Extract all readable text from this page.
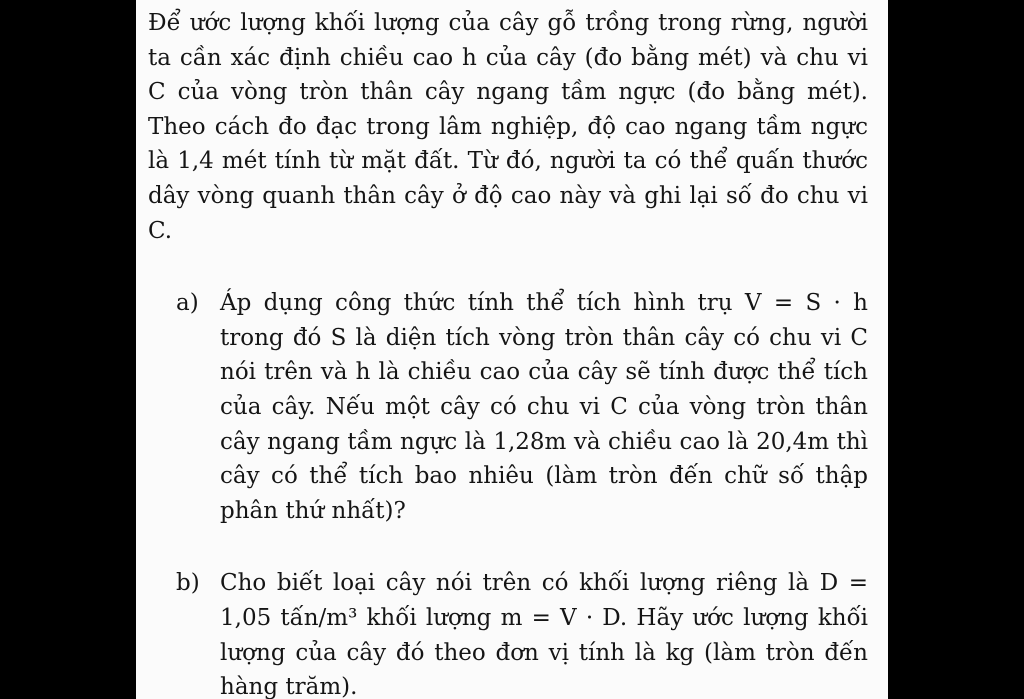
Để ước lượng khối lượng của cây gỗ trồng trong rừng, người ta cần xác định chiều cao h của cây (đo bằng mét) và chu vi C của vòng tròn thân cây ngang tầm ngực (đo bằng mét). Theo cách đo đạc trong lâm nghiệp, độ cao ngang tầm ngực là 1,4 mét tính từ mặt đất. Từ đó, người ta có thể quấn thước dây vòng quanh thân cây ở độ cao này và ghi lại số đo chu vi C.

a) Áp dụng công thức tính thể tích hình trụ V = S · h trong đó S là diện tích vòng tròn thân cây có chu vi C nói trên và h là chiều cao của cây sẽ tính được thể tích của cây. Nếu một cây có chu vi C của vòng tròn thân cây ngang tầm ngực là 1,28m và chiều cao là 20,4m thì cây có thể tích bao nhiêu (làm tròn đến chữ số thập phân thứ nhất)?
b) Cho biết loại cây nói trên có khối lượng riêng là D = 1,05 tấn/m³ khối lượng m = V · D. Hãy ước lượng khối lượng của cây đó theo đơn vị tính là kg (làm tròn đến hàng trăm).
